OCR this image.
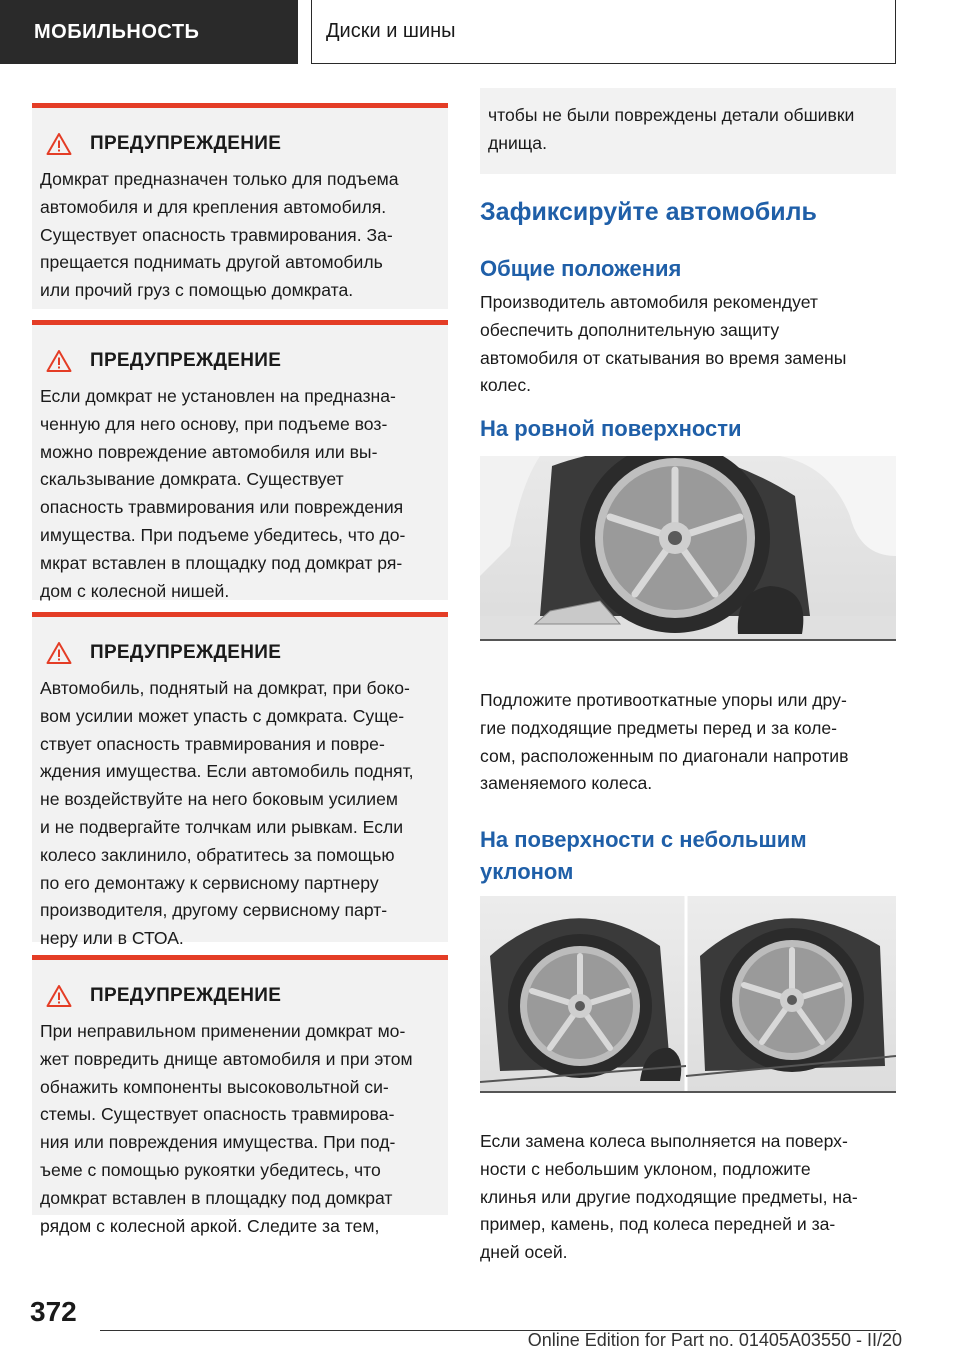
МОБИЛЬНОСТЬ	Диски и шины
ПРЕДУПРЕЖДЕНИЕ
Домкрат предназначен только для подъема
автомобиля и для крепления автомобиля.
Существует опасность травмирования. За-
прещается поднимать другой автомобиль
или прочий груз с помощью домкрата.
ПРЕДУПРЕЖДЕНИЕ
Если домкрат не установлен на предназна-
ченную для него основу, при подъеме воз-
можно повреждение автомобиля или вы-
скальзывание домкрата. Существует
опасность травмирования или повреждения
имущества. При подъеме убедитесь, что до-
мкрат вставлен в площадку под домкрат ря-
дом с колесной нишей.
ПРЕДУПРЕЖДЕНИЕ
Автомобиль, поднятый на домкрат, при боко-
вом усилии может упасть с домкрата. Суще-
ствует опасность травмирования и повре-
ждения имущества. Если автомобиль поднят,
не воздействуйте на него боковым усилием
и не подвергайте толчкам или рывкам. Если
колесо заклинило, обратитесь за помощью
по его демонтажу к сервисному партнеру
производителя, другому сервисному парт-
неру или в СТОА.
ПРЕДУПРЕЖДЕНИЕ
При неправильном применении домкрат мо-
жет повредить днище автомобиля и при этом
обнажить компоненты высоковольтной си-
стемы. Существует опасность травмирова-
ния или повреждения имущества. При под-
ъеме с помощью рукоятки убедитесь, что
домкрат вставлен в площадку под домкрат
рядом с колесной аркой. Следите за тем,
чтобы не были повреждены детали обшивки
днища.
Зафиксируйте автомобиль
Общие положения
Производитель автомобиля рекомендует
обеспечить дополнительную защиту
автомобиля от скатывания во время замены
колес.
На ровной поверхности
Подложите противооткатные упоры или дру-
гие подходящие предметы перед и за коле-
сом, расположенным по диагонали напротив
заменяемого колеса.
На поверхности с небольшим
уклоном
Если замена колеса выполняется на поверх-
ности с небольшим уклоном, подложите
клинья или другие подходящие предметы, на-
пример, камень, под колеса передней и за-
дней осей.
372
Online Edition for Part no. 01405A03550 - II/20
